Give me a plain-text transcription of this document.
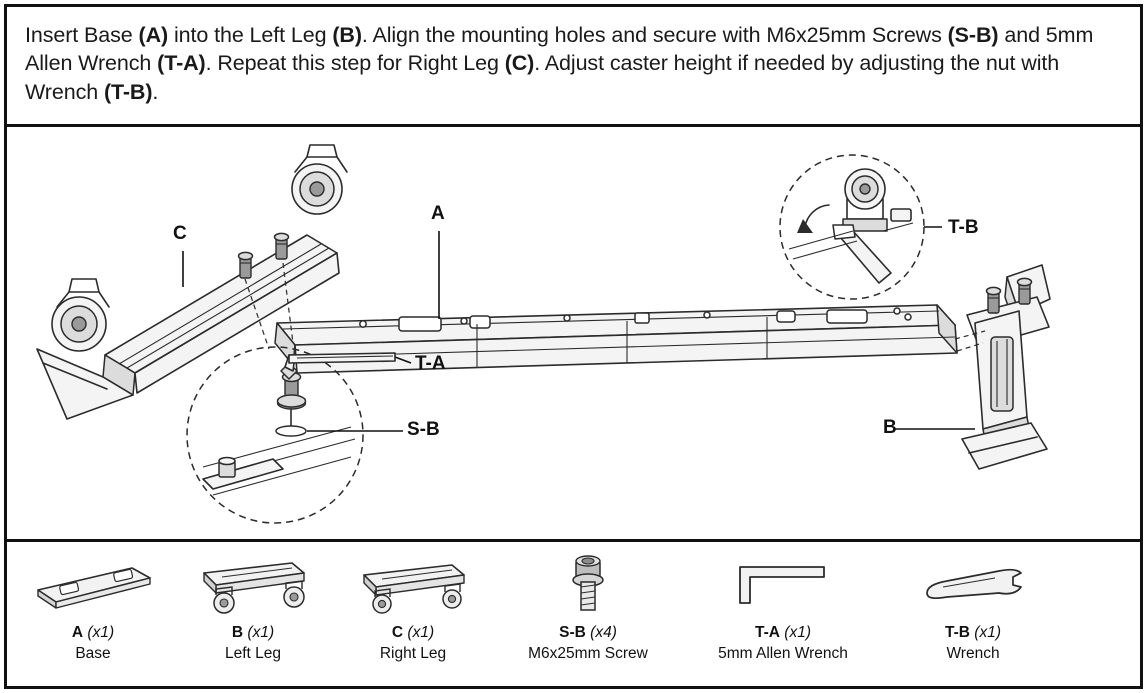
Insert Base (A) into the Left Leg (B). Align the mounting holes and secure with M6x25mm Screws (S-B) and 5mm Allen Wrench (T-A). Repeat this step for Right Leg (C). Adjust caster height if needed by adjusting the nut with Wrench (T-B).
C
A
T-B
T-A
S-B	B
A (x1)
Base
B (x1)
Left Leg
C (x1)
Right Leg
S-B (x4)
M6x25mm Screw
T-A (x1)
5mm Allen Wrench
T-B (x1)
Wrench
